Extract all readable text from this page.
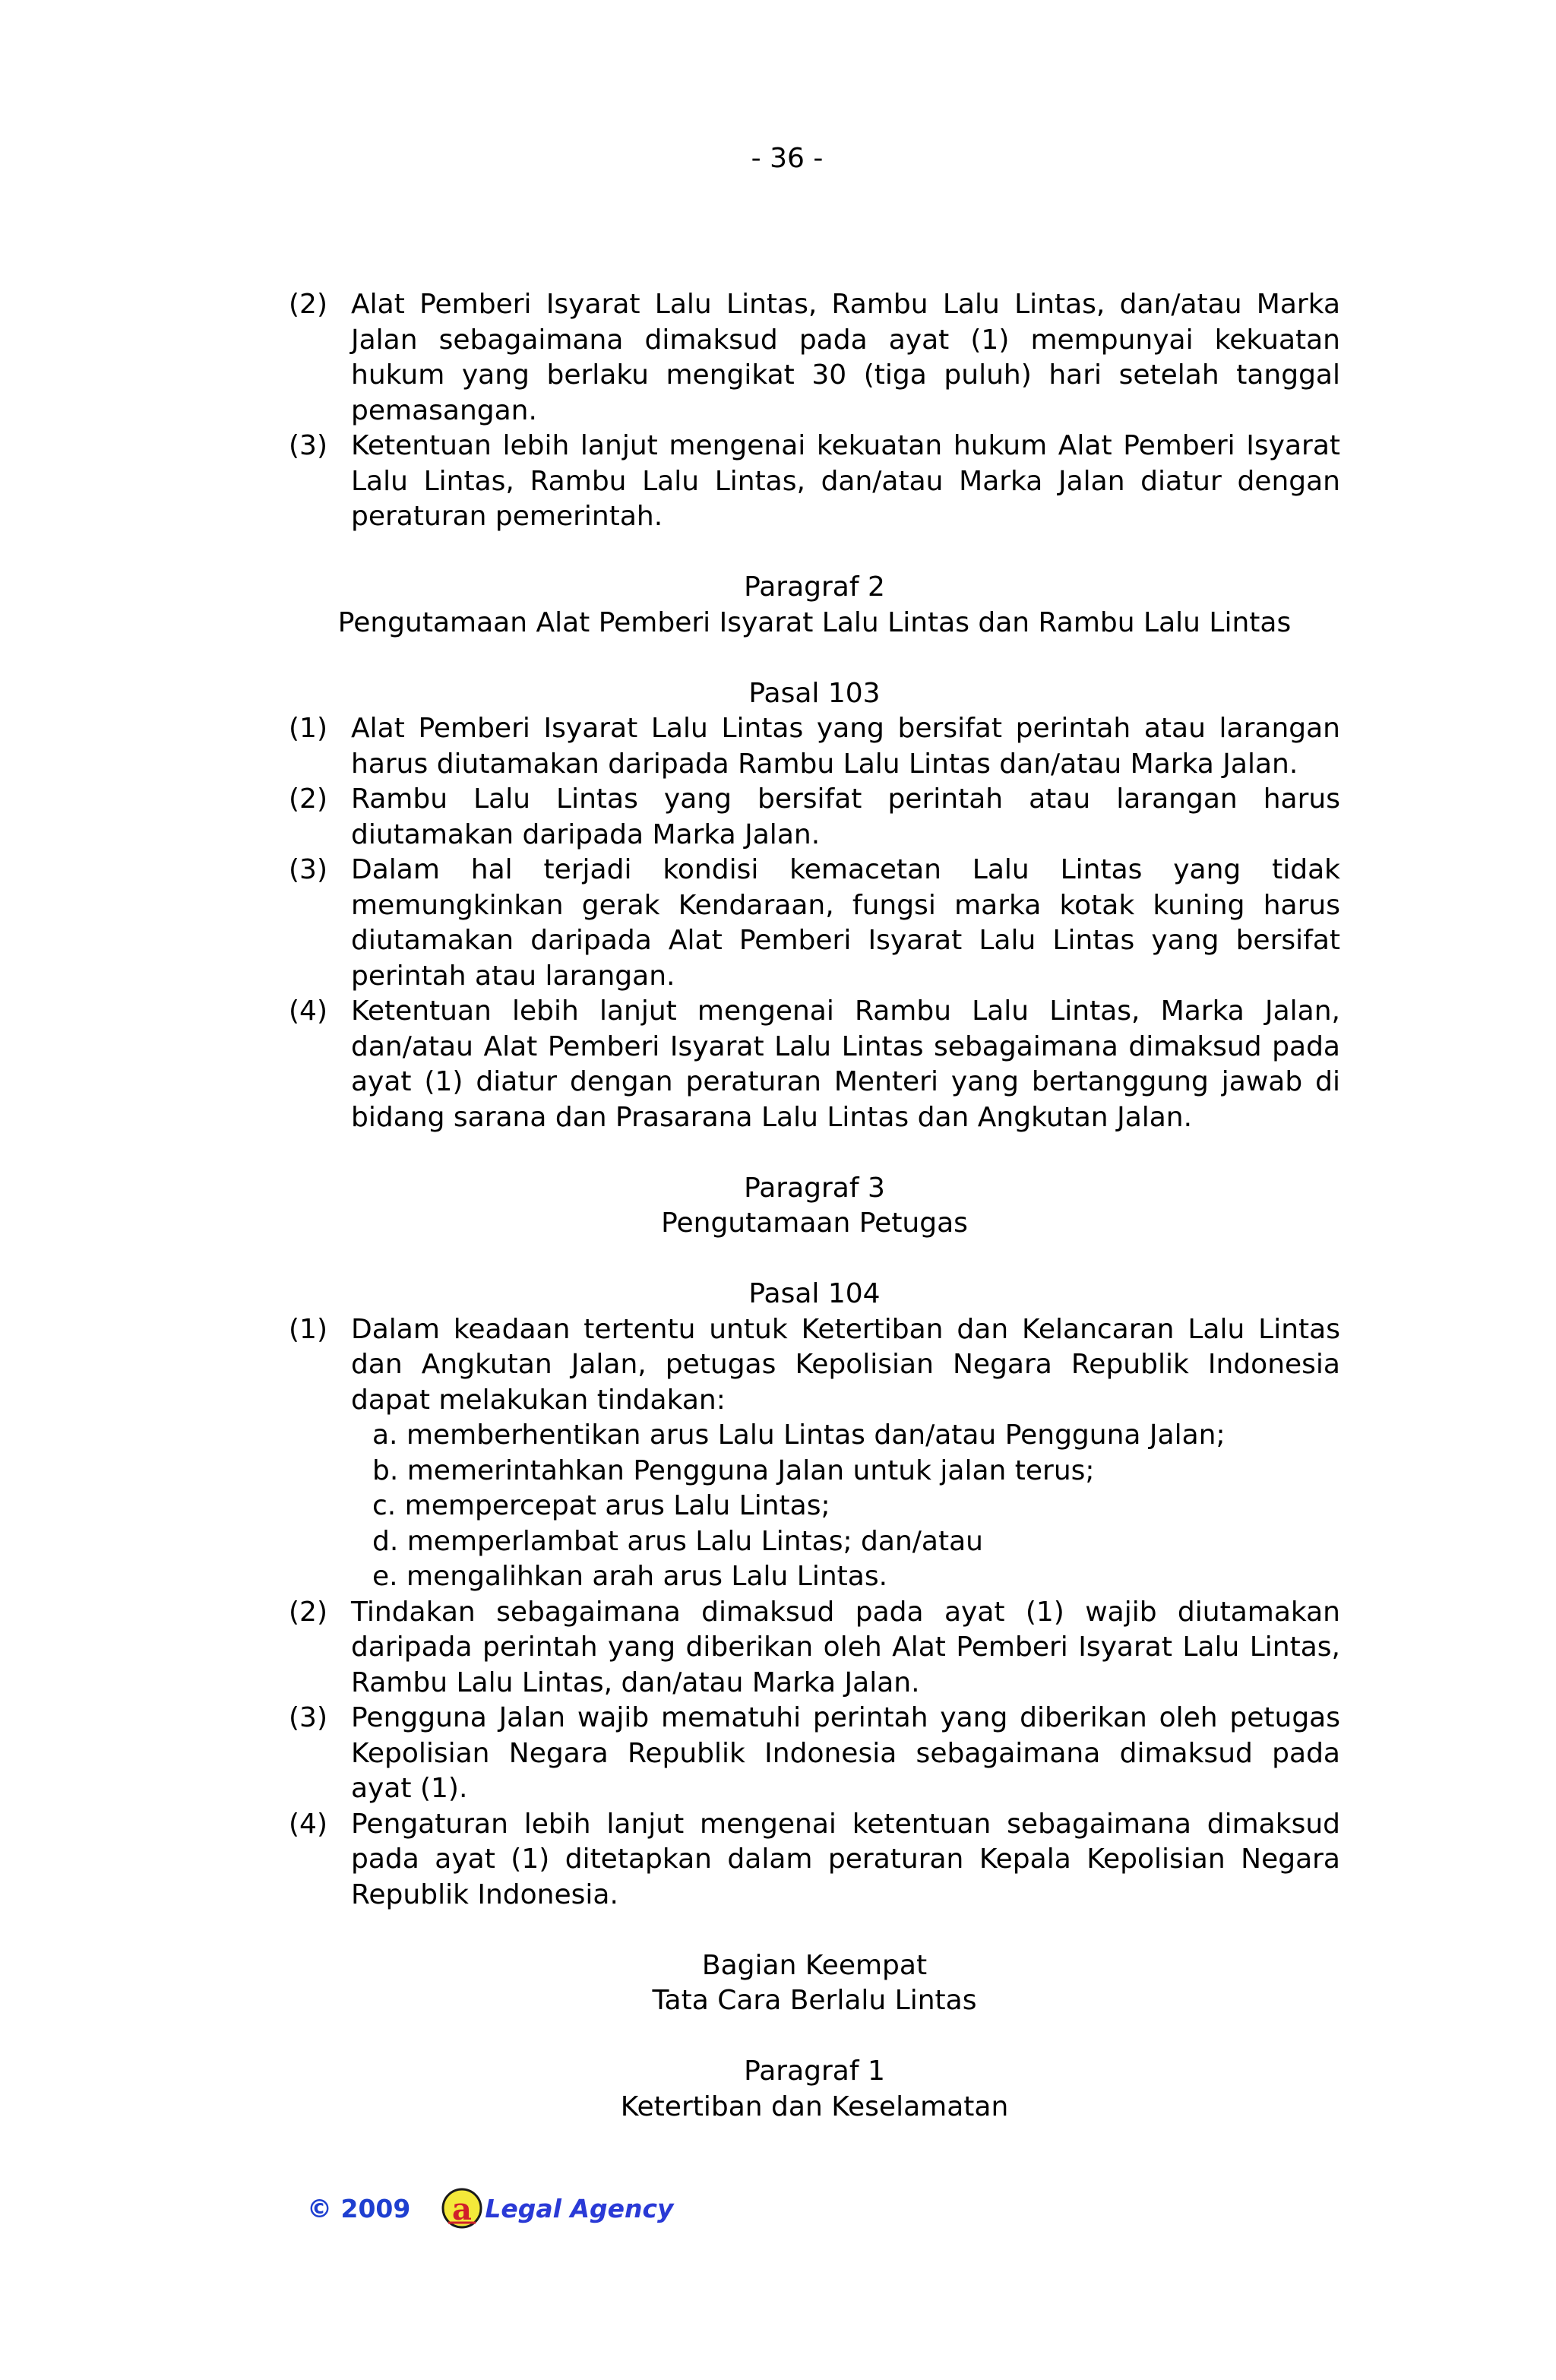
- 36 -
(2) Alat Pemberi Isyarat Lalu Lintas, Rambu Lalu Lintas, dan/atau Marka Jalan sebagaimana dimaksud pada ayat (1) mempunyai kekuatan hukum yang berlaku mengikat 30 (tiga puluh) hari setelah tanggal pemasangan.
(3) Ketentuan lebih lanjut mengenai kekuatan hukum Alat Pemberi Isyarat Lalu Lintas, Rambu Lalu Lintas, dan/atau Marka Jalan diatur dengan peraturan pemerintah.
Paragraf 2
Pengutamaan Alat Pemberi Isyarat Lalu Lintas dan Rambu Lalu Lintas
Pasal 103
(1) Alat Pemberi Isyarat Lalu Lintas yang bersifat perintah atau larangan harus diutamakan daripada Rambu Lalu Lintas dan/atau Marka Jalan.
(2) Rambu Lalu Lintas yang bersifat perintah atau larangan harus diutamakan daripada Marka Jalan.
(3) Dalam hal terjadi kondisi kemacetan Lalu Lintas yang tidak memungkinkan gerak Kendaraan, fungsi marka kotak kuning harus diutamakan daripada Alat Pemberi Isyarat Lalu Lintas yang bersifat perintah atau larangan.
(4) Ketentuan lebih lanjut mengenai Rambu Lalu Lintas, Marka Jalan, dan/atau Alat Pemberi Isyarat Lalu Lintas sebagaimana dimaksud pada ayat (1) diatur dengan peraturan Menteri yang bertanggung jawab di bidang sarana dan Prasarana Lalu Lintas dan Angkutan Jalan.
Paragraf 3
Pengutamaan Petugas
Pasal 104
(1) Dalam keadaan tertentu untuk Ketertiban dan Kelancaran Lalu Lintas dan Angkutan Jalan, petugas Kepolisian Negara Republik Indonesia dapat melakukan tindakan:
a. memberhentikan arus Lalu Lintas dan/atau Pengguna Jalan;
b. memerintahkan Pengguna Jalan untuk jalan terus;
c. mempercepat arus Lalu Lintas;
d. memperlambat arus Lalu Lintas; dan/atau
e. mengalihkan arah arus Lalu Lintas.
(2) Tindakan sebagaimana dimaksud pada ayat (1) wajib diutamakan daripada perintah yang diberikan oleh Alat Pemberi Isyarat Lalu Lintas, Rambu Lalu Lintas, dan/atau Marka Jalan.
(3) Pengguna Jalan wajib mematuhi perintah yang diberikan oleh petugas Kepolisian Negara Republik Indonesia sebagaimana dimaksud pada ayat (1).
(4) Pengaturan lebih lanjut mengenai ketentuan sebagaimana dimaksud pada ayat (1) ditetapkan dalam peraturan Kepala Kepolisian Negara Republik Indonesia.
Bagian Keempat
Tata Cara Berlalu Lintas
Paragraf 1
Ketertiban dan Keselamatan
© 2009 a Legal Agency
